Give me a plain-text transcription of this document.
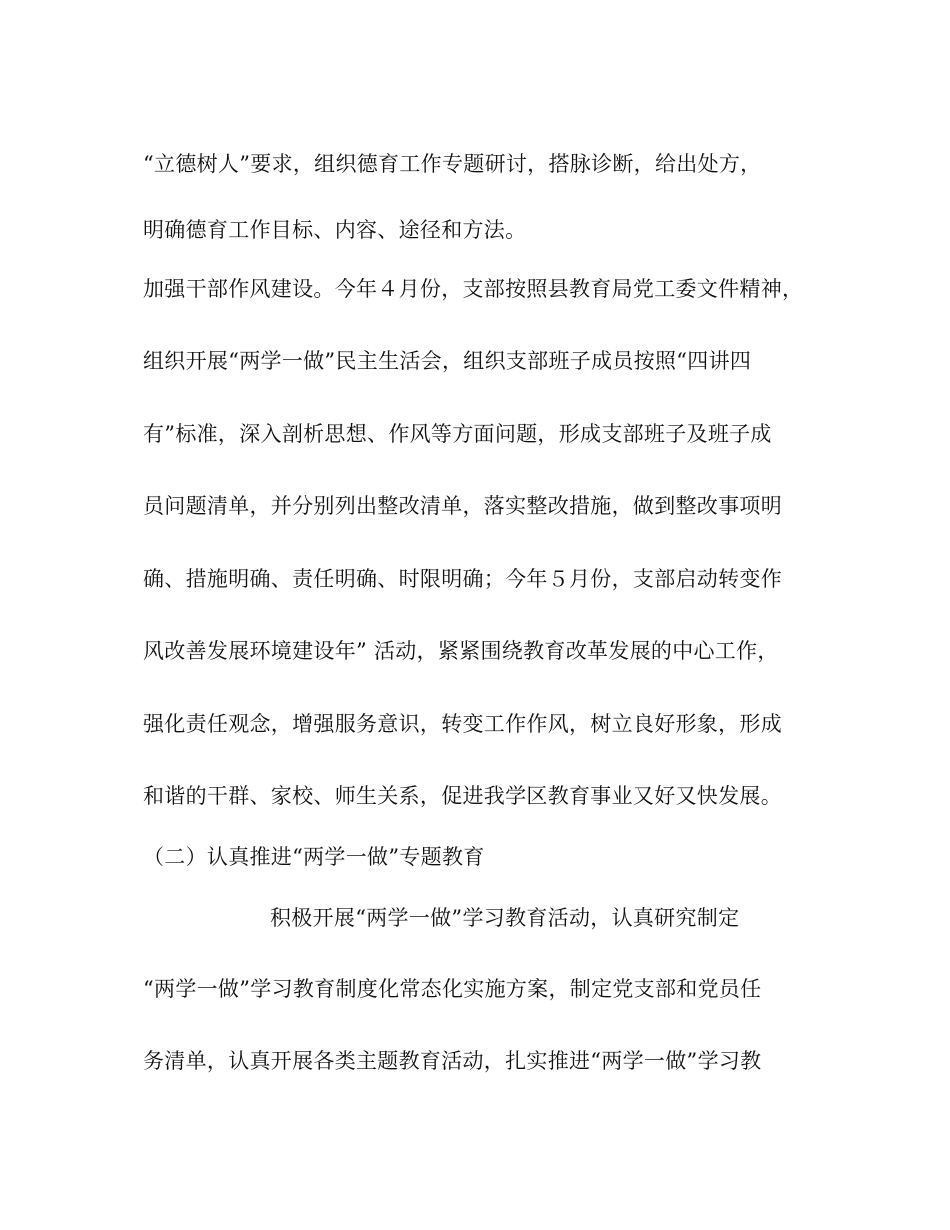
“立德树人”要求，组织德育工作专题研讨，搭脉诊断，给出处方，
明确德育工作目标、内容、途径和方法。
加强干部作风建设。今年４月份，支部按照县教育局党工委文件精神，
组织开展“两学一做”民主生活会，组织支部班子成员按照“四讲四
有”标准，深入剖析思想、作风等方面问题，形成支部班子及班子成
员问题清单，并分别列出整改清单，落实整改措施，做到整改事项明
确、措施明确、责任明确、时限明确；今年５月份，支部启动转变作
风改善发展环境建设年” 活动，紧紧围绕教育改革发展的中心工作，
强化责任观念，增强服务意识，转变工作作风，树立良好形象，形成
和谐的干群、家校、师生关系，促进我学区教育事业又好又快发展。
（二）认真推进“两学一做”专题教育
积极开展“两学一做”学习教育活动，认真研究制定
“两学一做”学习教育制度化常态化实施方案，制定党支部和党员任
务清单，认真开展各类主题教育活动，扎实推进“两学一做”学习教
